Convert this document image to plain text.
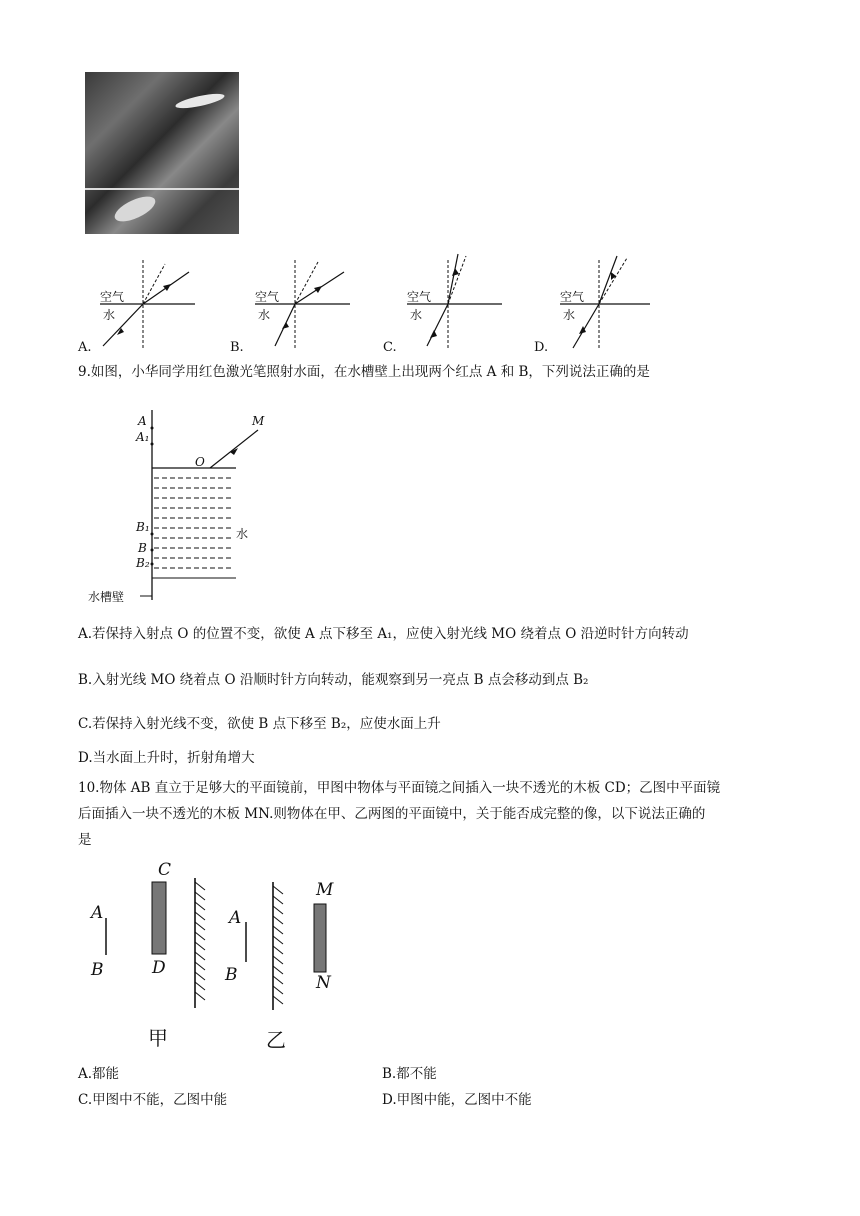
空气
水
空气
水
空气
水
空气
水
A.	B.	C.	D.
9.如图，小华同学用红色激光笔照射水面，在水槽壁上出现两个红点 A 和 B，下列说法正确的是
A
A₁
M
O
B₁
B
B₂
水
水槽壁
A.若保持入射点 O 的位置不变，欲使 A 点下移至 A₁，应使入射光线 MO 绕着点 O 沿逆时针方向转动
B.入射光线 MO 绕着点 O 沿顺时针方向转动，能观察到另一亮点 B 点会移动到点 B₂
C.若保持入射光线不变，欲使 B 点下移至 B₂，应使水面上升
D.当水面上升时，折射角增大
10.物体 AB 直立于足够大的平面镜前，甲图中物体与平面镜之间插入一块不透光的木板 CD；乙图中平面镜
后面插入一块不透光的木板 MN.则物体在甲、乙两图的平面镜中，关于能否成完整的像，以下说法正确的
是
A
B
C
D
甲
A
B
M
N
乙
A.都能	B.都不能
C.甲图中不能，乙图中能	D.甲图中能，乙图中不能
